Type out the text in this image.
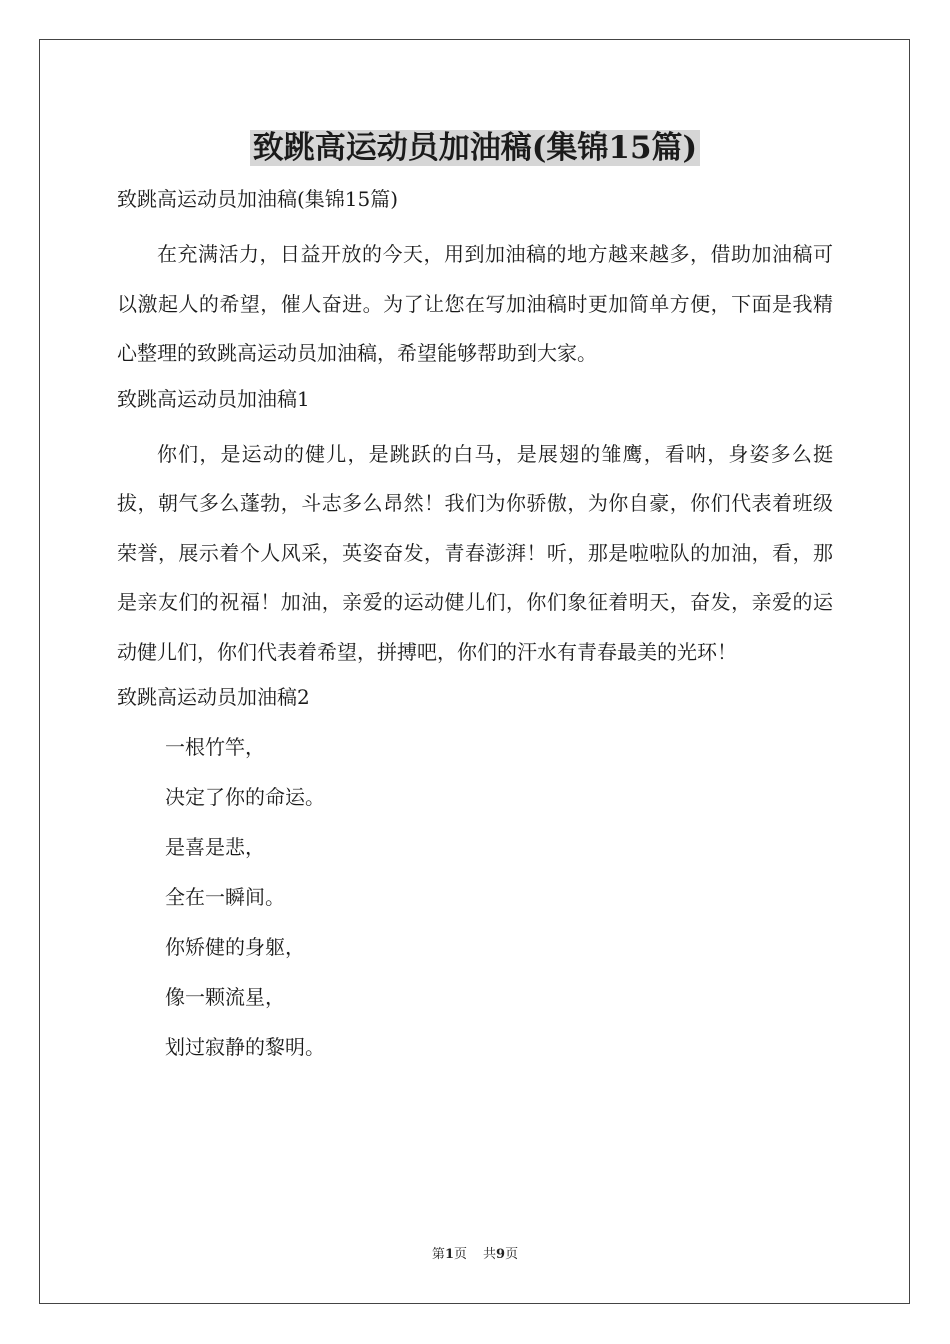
致跳高运动员加油稿(集锦15篇)

致跳高运动员加油稿(集锦15篇)

在充满活力，日益开放的今天，用到加油稿的地方越来越多，借助加油稿可以激起人的希望，催人奋进。为了让您在写加油稿时更加简单方便，下面是我精心整理的致跳高运动员加油稿，希望能够帮助到大家。

致跳高运动员加油稿1

你们，是运动的健儿，是跳跃的白马，是展翅的雏鹰，看呐，身姿多么挺拔，朝气多么蓬勃，斗志多么昂然！我们为你骄傲，为你自豪，你们代表着班级荣誉，展示着个人风采，英姿奋发，青春澎湃！听，那是啦啦队的加油，看，那是亲友们的祝福！加油，亲爱的运动健儿们，你们象征着明天，奋发，亲爱的运动健儿们，你们代表着希望，拼搏吧，你们的汗水有青春最美的光环！

致跳高运动员加油稿2

一根竹竿，

决定了你的命运。

是喜是悲，

全在一瞬间。

你矫健的身躯，

像一颗流星，

划过寂静的黎明。

第1页 共9页
